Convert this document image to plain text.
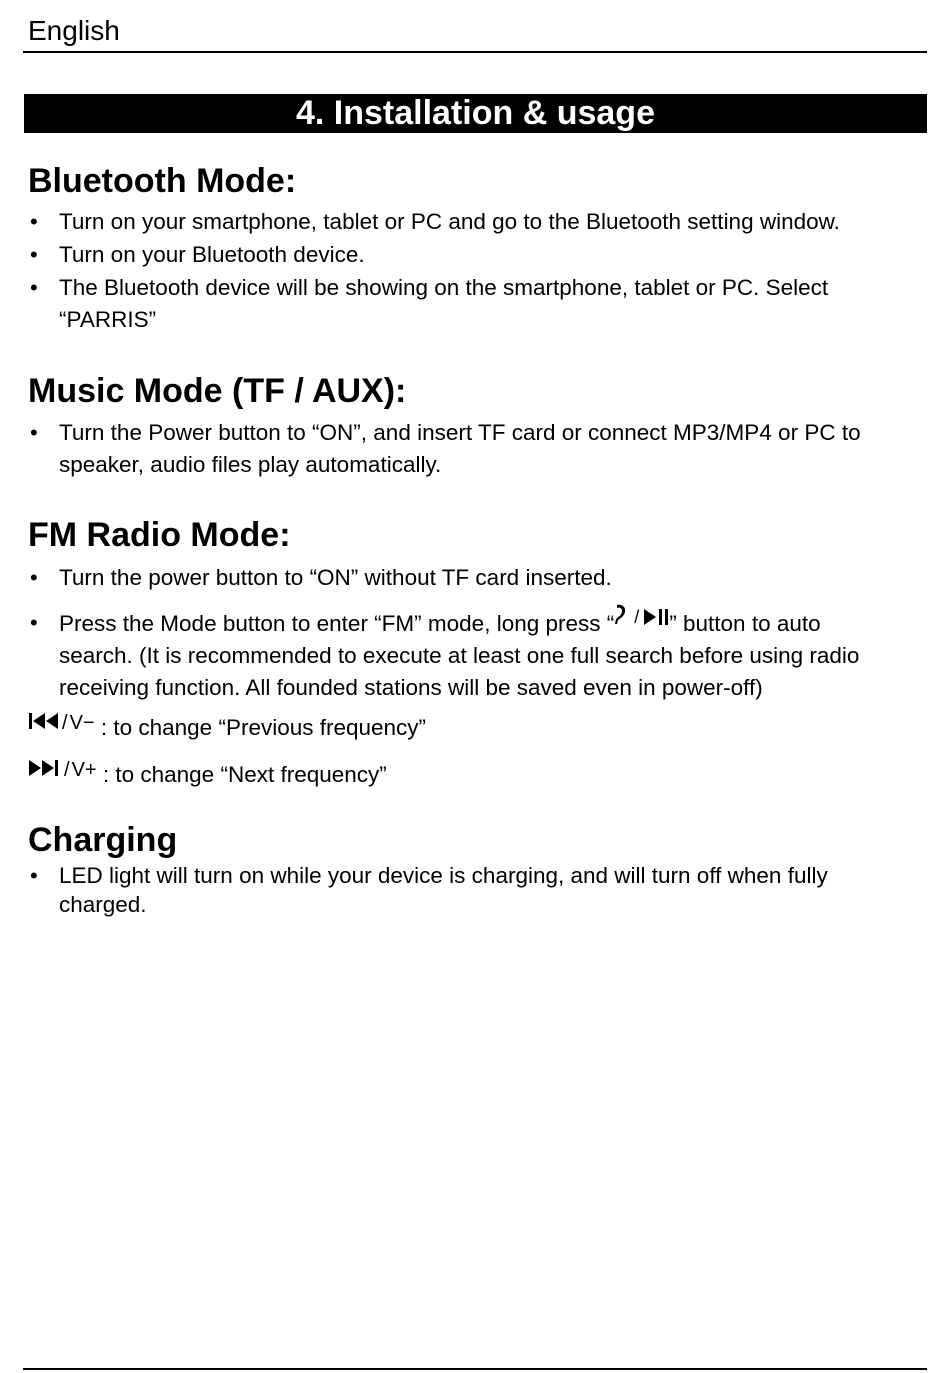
English
4. Installation & usage
Bluetooth Mode:
• Turn on your smartphone, tablet or PC and go to the Bluetooth setting window.
• Turn on your Bluetooth device.
• The Bluetooth device will be showing on the smartphone, tablet or PC. Select “PARRIS”
Music Mode (TF / AUX):
• Turn the Power button to “ON”, and insert TF card or connect MP3/MP4 or PC to speaker, audio files play automatically.
FM Radio Mode:
• Turn the power button to “ON” without TF card inserted.
• Press the Mode button to enter “FM” mode, long press “ / ” button to auto search. (It is recommended to execute at least one full search before using radio receiving function. All founded stations will be saved even in power-off)
/ V− : to change “Previous frequency”
/ V+ : to change “Next frequency”
Charging
• LED light will turn on while your device is charging, and will turn off when fully charged.
